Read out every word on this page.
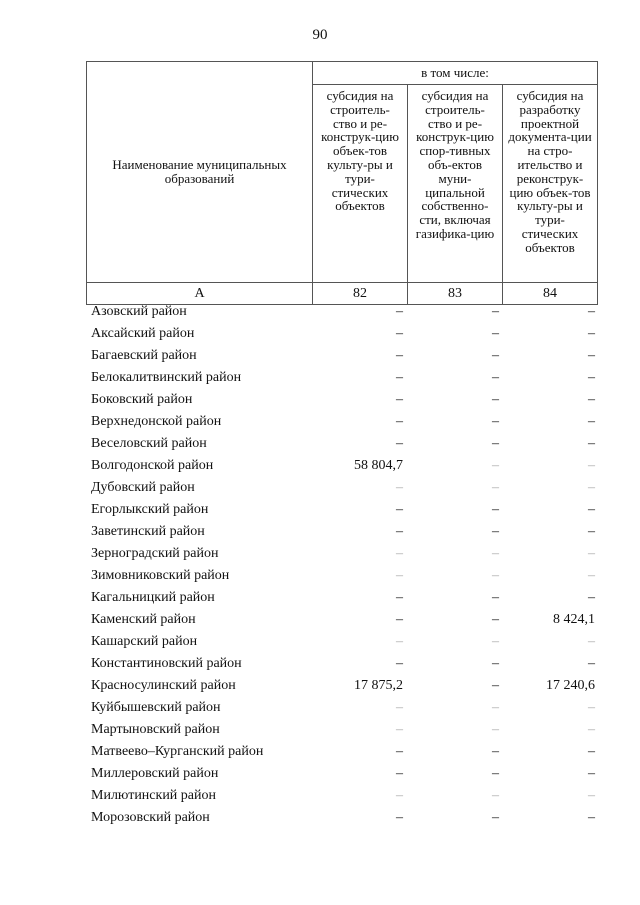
90
Наименование муниципальных образований	в том числе:		

	субсидия на строитель-ство и ре-конструк-цию объек-тов культу-ры и тури-стических объектов	субсидия на строитель-ство и ре-конструк-цию спор-тивных объ-ектов муни-ципальной собственно-сти, включая газифика-цию	субсидия на разработку проектной документа-ции на стро-ительство и реконструк-цию объек-тов культу-ры и тури-стических объектов

А	82	83	84
Азовский район	–	–	–
Аксайский район	–	–	–
Багаевский район	–	–	–
Белокалитвинский район	–	–	–
Боковский район	–	–	–
Верхнедонской район	–	–	–
Веселовский район	–	–	–
Волгодонской район	58 804,7	–	–
Дубовский район	–	–	–
Егорлыкский район	–	–	–
Заветинский район	–	–	–
Зерноградский район	–	–	–
Зимовниковский район	–	–	–
Кагальницкий район	–	–	–
Каменский район	–	–	8 424,1
Кашарский район	–	–	–
Константиновский район	–	–	–
Красносулинский район	17 875,2	–	17 240,6
Куйбышевский район	–	–	–
Мартыновский район	–	–	–
Матвеево–Курганский район	–	–	–
Миллеровский район	–	–	–
Милютинский район	–	–	–
Морозовский район	–	–	–
